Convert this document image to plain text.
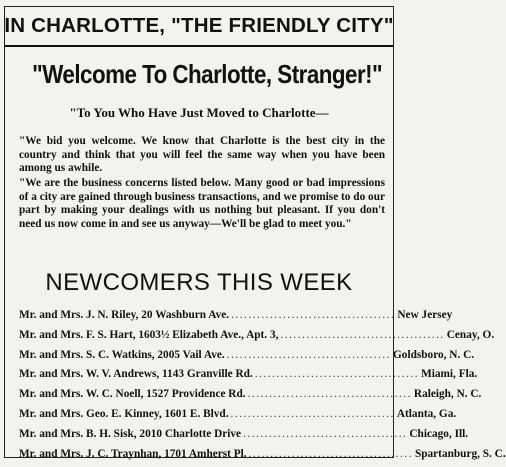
IN CHARLOTTE, "THE FRIENDLY CITY"
"Welcome To Charlotte, Stranger!"
"To You Who Have Just Moved to Charlotte—

"We bid you welcome. We know that Charlotte is the best city in the country and think that you will feel the same way when you have been among us awhile.

"We are the business concerns listed below. Many good or bad impressions of a city are gained through business transactions, and we promise to do our part by making your dealings with us nothing but pleasant. If you don't need us now come in and see us anyway—We'll be glad to meet you."

NEWCOMERS THIS WEEK
Mr. and Mrs. J. N. Riley, 20 Washburn Ave. ...................................... New Jersey
Mr. and Mrs. F. S. Hart, 1603½ Elizabeth Ave., Apt. 3, ...................................... Cenay, O.
Mr. and Mrs. S. C. Watkins, 2005 Vail Ave. ...................................... Goldsboro, N. C.
Mr. and Mrs. W. V. Andrews, 1143 Granville Rd. ...................................... Miami, Fla.
Mr. and Mrs. W. C. Noell, 1527 Providence Rd. ...................................... Raleigh, N. C.
Mr. and Mrs. Geo. E. Kinney, 1601 E. Blvd. ...................................... Atlanta, Ga.
Mr. and Mrs. B. H. Sisk, 2010 Charlotte Drive ...................................... Chicago, Ill.
Mr. and Mrs. J. C. Traynhan, 1701 Amherst Pl. ...................................... Spartanburg, S. C.
